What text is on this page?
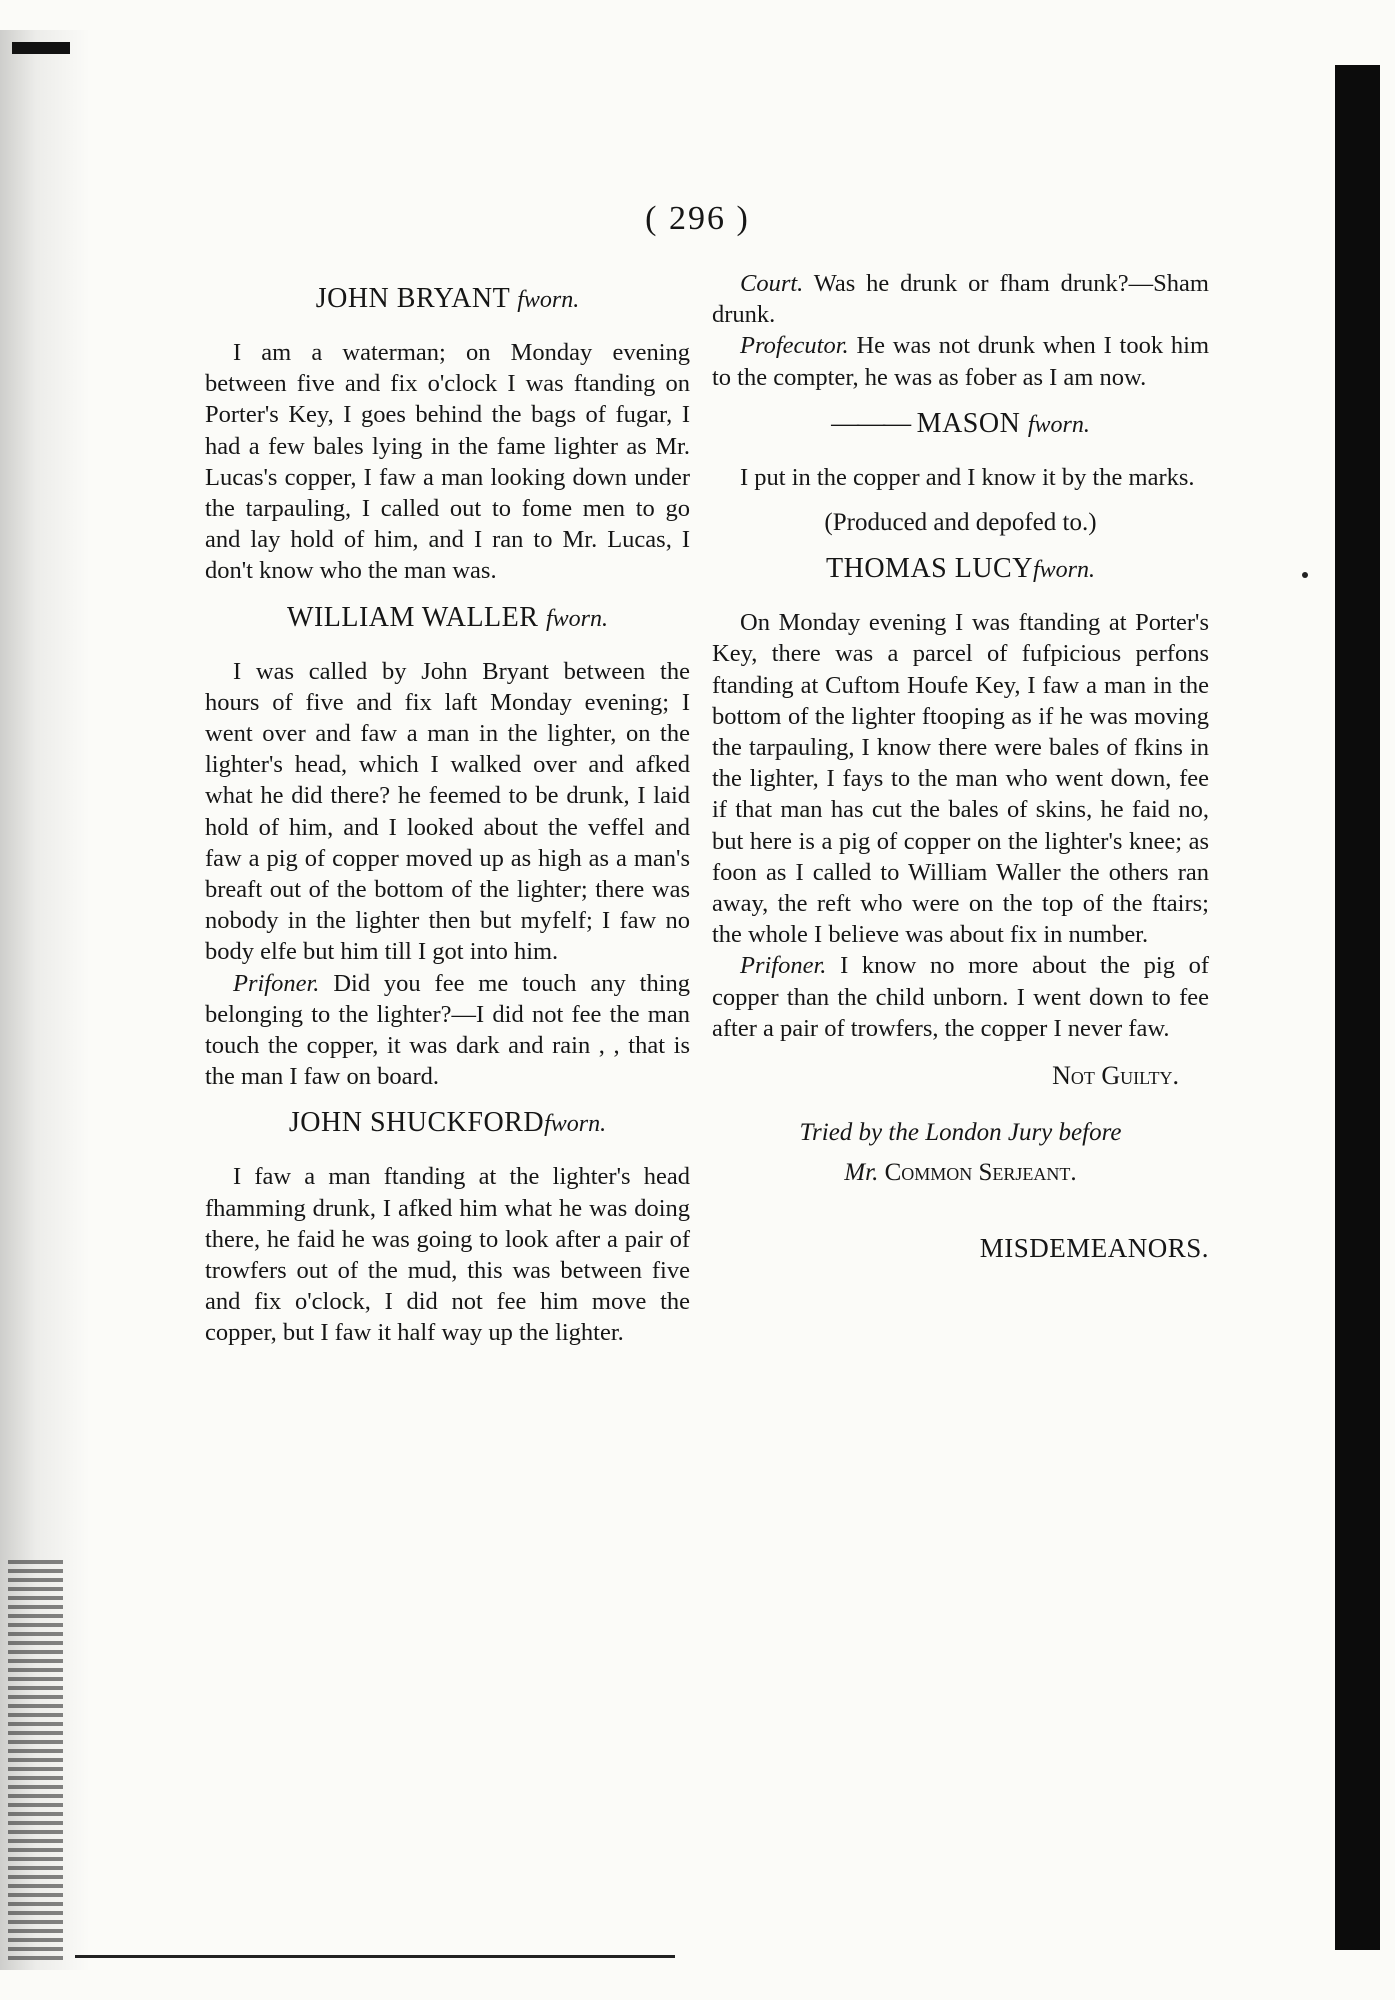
( 296 )
JOHN BRYANT fworn.

I am a waterman; on Monday evening between five and fix o'clock I was ftanding on Porter's Key, I goes behind the bags of fugar, I had a few bales lying in the fame lighter as Mr. Lucas's copper, I faw a man looking down under the tarpauling, I called out to fome men to go and lay hold of him, and I ran to Mr. Lucas, I don't know who the man was.

WILLIAM WALLER fworn.

I was called by John Bryant between the hours of five and fix laft Monday evening; I went over and faw a man in the lighter, on the lighter's head, which I walked over and afked what he did there? he feemed to be drunk, I laid hold of him, and I looked about the veffel and faw a pig of copper moved up as high as a man's breaft out of the bottom of the lighter; there was nobody in the lighter then but myfelf; I faw no body elfe but him till I got into him.

Prifoner. Did you fee me touch any thing belonging to the lighter?—I did not fee the man touch the copper, it was dark and rain , , that is the man I faw on board.

JOHN SHUCKFORDfworn.

I faw a man ftanding at the lighter's head fhamming drunk, I afked him what he was doing there, he faid he was going to look after a pair of trowfers out of the mud, this was between five and fix o'clock, I did not fee him move the copper, but I faw it half way up the lighter.

Court. Was he drunk or fham drunk?—Sham drunk.

Profecutor. He was not drunk when I took him to the compter, he was as fober as I am now.

——— MASON fworn.

I put in the copper and I know it by the marks.

(Produced and depofed to.)

THOMAS LUCYfworn.

On Monday evening I was ftanding at Porter's Key, there was a parcel of fufpicious perfons ftanding at Cuftom Houfe Key, I faw a man in the bottom of the lighter ftooping as if he was moving the tarpauling, I know there were bales of fkins in the lighter, I fays to the man who went down, fee if that man has cut the bales of skins, he faid no, but here is a pig of copper on the lighter's knee; as foon as I called to William Waller the others ran away, the reft who were on the top of the ftairs; the whole I believe was about fix in number.

Prifoner. I know no more about the pig of copper than the child unborn. I went down to fee after a pair of trowfers, the copper I never faw.

Not Guilty.

Tried by the London Jury before

Mr. Common Serjeant.

MISDEMEANORS.
